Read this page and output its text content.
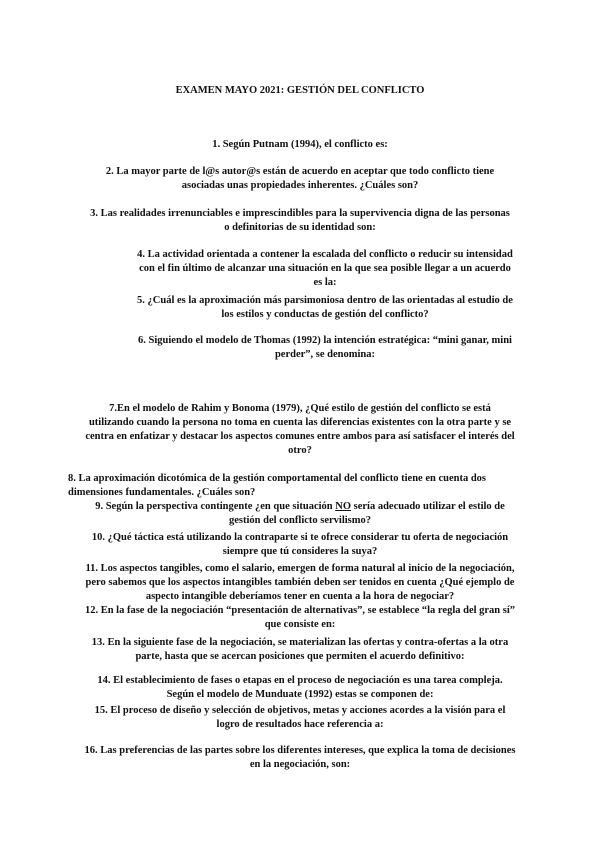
EXAMEN MAYO 2021: GESTIÓN DEL CONFLICTO
1. Según Putnam (1994), el conflicto es:
2. La mayor parte de l@s autor@s están de acuerdo en aceptar que todo conflicto tiene
asociadas unas propiedades inherentes. ¿Cuáles son?
3. Las realidades irrenunciables e imprescindibles para la supervivencia digna de las personas
o definitorias de su identidad son:
4. La actividad orientada a contener la escalada del conflicto o reducir su intensidad
con el fin último de alcanzar una situación en la que sea posible llegar a un acuerdo
es la:
5. ¿Cuál es la aproximación más parsimoniosa dentro de las orientadas al estudio de
los estilos y conductas de gestión del conflicto?
6. Siguiendo el modelo de Thomas (1992) la intención estratégica: “mini ganar, mini
perder”, se denomina:
7.En el modelo de Rahim y Bonoma (1979), ¿Qué estilo de gestión del conflicto se está
utilizando cuando la persona no toma en cuenta las diferencias existentes con la otra parte y se
centra en enfatizar y destacar los aspectos comunes entre ambos para así satisfacer el interés del
otro?
8. La aproximación dicotómica de la gestión comportamental del conflicto tiene en cuenta dos
dimensiones fundamentales. ¿Cuáles son?
9. Según la perspectiva contingente ¿en que situación NO sería adecuado utilizar el estilo de
gestión del conflicto servilismo?
10. ¿Qué táctica está utilizando la contraparte si te ofrece considerar tu oferta de negociación
siempre que tú consideres la suya?
11. Los aspectos tangibles, como el salario, emergen de forma natural al inicio de la negociación,
pero sabemos que los aspectos intangibles también deben ser tenidos en cuenta ¿Qué ejemplo de
aspecto intangible deberíamos tener en cuenta a la hora de negociar?
12. En la fase de la negociación “presentación de alternativas”, se establece “la regla del gran sí”
que consiste en:
13. En la siguiente fase de la negociación, se materializan las ofertas y contra-ofertas a la otra
parte, hasta que se acercan posiciones que permiten el acuerdo definitivo:
14. El establecimiento de fases o etapas en el proceso de negociación es una tarea compleja.
Según el modelo de Munduate (1992) estas se componen de:
15. El proceso de diseño y selección de objetivos, metas y acciones acordes a la visión para el
logro de resultados hace referencia a:
16. Las preferencias de las partes sobre los diferentes intereses, que explica la toma de decisiones
en la negociación, son:
